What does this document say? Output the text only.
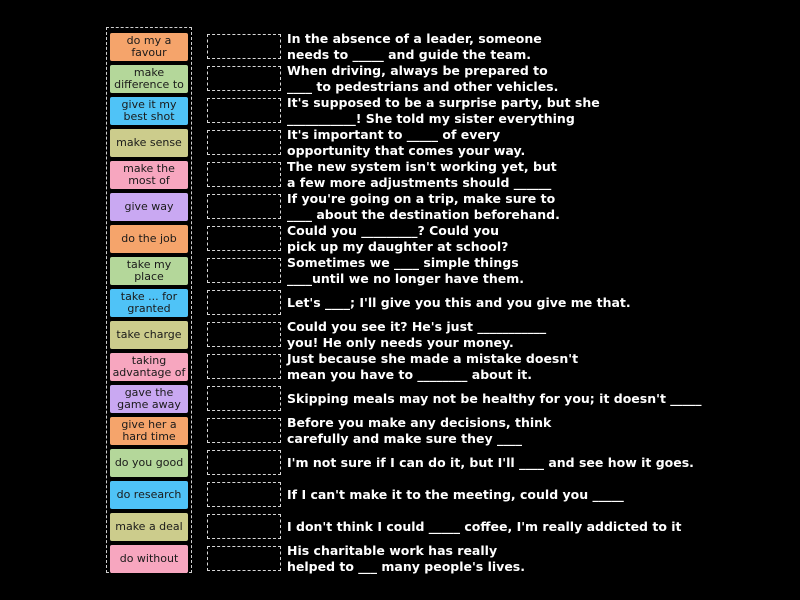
do my a
favour
make
difference to
give it my
best shot
make sense
make the
most of
give way
do the job
take my
place
take ... for
granted
take charge
taking
advantage of
gave the
game away
give her a
hard time
do you good
do research
make a deal
do without
In the absence of a leader, someone
needs to _____ and guide the team.
When driving, always be prepared to
____ to pedestrians and other vehicles.
It's supposed to be a surprise party, but she
___________! She told my sister everything
It's important to _____ of every
opportunity that comes your way.
The new system isn't working yet, but
a few more adjustments should ______
If you're going on a trip, make sure to
____ about the destination beforehand.
Could you _________? Could you
pick up my daughter at school?
Sometimes we ____ simple things
____until we no longer have them.
Let's ____; I'll give you this and you give me that.
Could you see it? He's just ___________
you! He only needs your money.
Just because she made a mistake doesn't
mean you have to ________ about it.
Skipping meals may not be healthy for you; it doesn't _____
Before you make any decisions, think
carefully and make sure they ____
I'm not sure if I can do it, but I'll ____ and see how it goes.
If I can't make it to the meeting, could you _____
I don't think I could _____ coffee, I'm really addicted to it
His charitable work has really
helped to ___ many people's lives.
